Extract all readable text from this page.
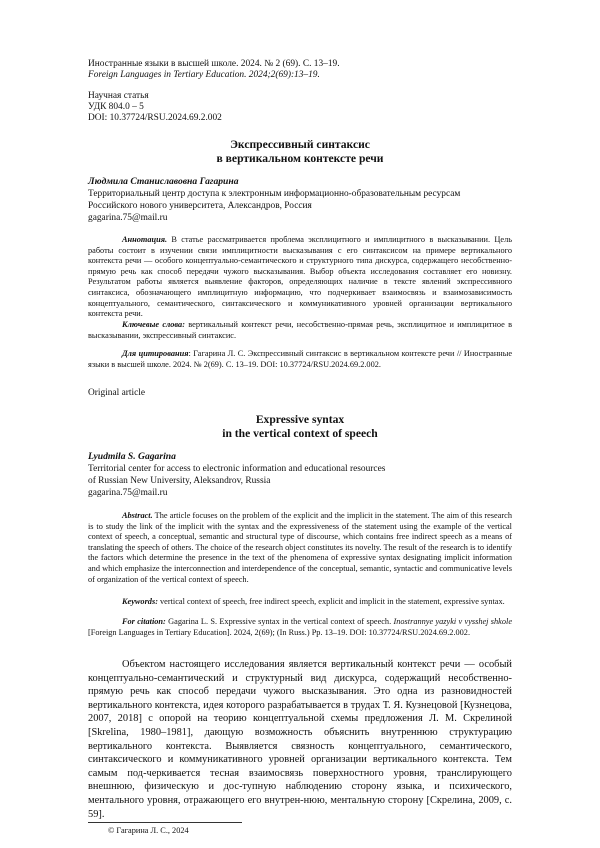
Иностранные языки в высшей школе. 2024. № 2 (69). С. 13–19.
Foreign Languages in Tertiary Education. 2024;2(69):13–19.
Научная статья
УДК 804.0 – 5
DOI: 10.37724/RSU.2024.69.2.002
Экспрессивный синтаксис
в вертикальном контексте речи
Людмила Станиславовна Гагарина
Территориальный центр доступа к электронным информационно-образовательным ресурсам
Российского нового университета, Александров, Россия
gagarina.75@mail.ru
Аннотация. В статье рассматривается проблема эксплицитного и имплицитного в высказывании. Цель работы состоит в изучении связи имплицитности высказывания с его синтаксисом на примере вертикального контекста речи — особого концептуально-семантического и структурного типа дискурса, содержащего несобственно-прямую речь как способ передачи чужого высказывания. Выбор объекта исследования составляет его новизну. Результатом работы является выявление факторов, определяющих наличие в тексте явлений экспрессивного синтаксиса, обозначающего имплицитную информацию, что подчеркивает взаимосвязь и взаимозависимость концептуального, семантического, синтаксического и коммуникативного уровней организации вертикального контекста речи.
Ключевые слова: вертикальный контекст речи, несобственно-прямая речь, эксплицитное и имплицитное в высказывании, экспрессивный синтаксис.
Для цитирования: Гагарина Л. С. Экспрессивный синтаксис в вертикальном контексте речи // Иностранные языки в высшей школе. 2024. № 2(69). С. 13–19. DOI: 10.37724/RSU.2024.69.2.002.
Original article
Expressive syntax
in the vertical context of speech
Lyudmila S. Gagarina
Territorial center for access to electronic information and educational resources
of Russian New University, Aleksandrov, Russia
gagarina.75@mail.ru
Abstract. The article focuses on the problem of the explicit and the implicit in the statement. The aim of this research is to study the link of the implicit with the syntax and the expressiveness of the statement using the example of the vertical context of speech, a conceptual, semantic and structural type of discourse, which contains free indirect speech as a means of translating the speech of others. The choice of the research object constitutes its novelty. The result of the research is to identify the factors which determine the presence in the text of the phenomena of expressive syntax designating implicit information and which emphasize the interconnection and interdependence of the conceptual, semantic, syntactic and communicative levels of organization of the vertical context of speech.
Keywords: vertical context of speech, free indirect speech, explicit and implicit in the statement, expressive syntax.
For citation: Gagarina L. S. Expressive syntax in the vertical context of speech. Inostrannye yazyki v vysshej shkole [Foreign Languages in Tertiary Education]. 2024, 2(69); (In Russ.) Pp. 13–19. DOI: 10.37724/RSU.2024.69.2.002.
Объектом настоящего исследования является вертикальный контекст речи — особый концептуально-семантический и структурный вид дискурса, содержащий несобственно-прямую речь как способ передачи чужого высказывания. Это одна из разновидностей вертикального контекста, идея которого разрабатывается в трудах Т. Я. Кузнецовой [Кузнецова, 2007, 2018] с опорой на теорию концептуальной схемы предложения Л. М. Скрелиной [Skrelina, 1980–1981], дающую возможность объяснить внутреннюю структурацию вертикального контекста. Выявляется связность концептуального, семантического, синтаксического и коммуникативного уровней организации вертикального контекста. Тем самым под-черкивается тесная взаимосвязь поверхностного уровня, транслирующего внешнюю, физическую и дос-тупную наблюдению сторону языка, и психического, ментального уровня, отражающего его внутрен-нюю, ментальную сторону [Скрелина, 2009, с. 59].
© Гагарина Л. С., 2024
